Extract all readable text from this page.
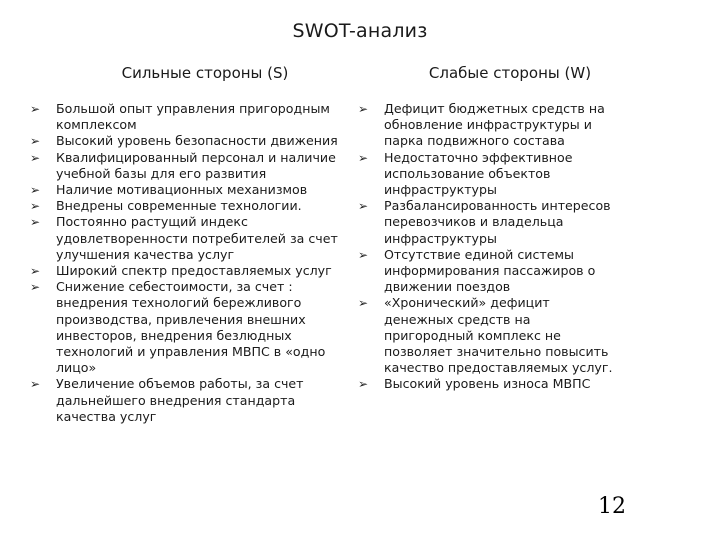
SWOT-анализ
Сильные стороны (S)	Слабые стороны (W)
➢	Большой опыт управления пригородным комплексом
➢	Высокий уровень безопасности движения
➢	Квалифицированный персонал и наличие учебной базы для его развития
➢	Наличие мотивационных механизмов
➢	Внедрены современные технологии.
➢	Постоянно растущий индекс удовлетворенности потребителей за счет улучшения качества услуг
➢	Широкий спектр предоставляемых услуг
➢	Снижение себестоимости, за счет : внедрения технологий бережливого производства, привлечения внешних инвесторов, внедрения безлюдных технологий и управления МВПС в «одно лицо»
➢	Увеличение объемов работы, за счет дальнейшего внедрения стандарта качества услуг
➢	Дефицит бюджетных средств на обновление инфраструктуры и парка подвижного состава
➢	Недостаточно эффективное использование объектов инфраструктуры
➢	Разбалансированность интересов перевозчиков и владельца инфраструктуры
➢	Отсутствие единой системы информирования пассажиров о движении поездов
➢	«Хронический» дефицит денежных средств на пригородный комплекс не позволяет значительно повысить качество предоставляемых услуг.
➢	Высокий уровень износа МВПС
12
